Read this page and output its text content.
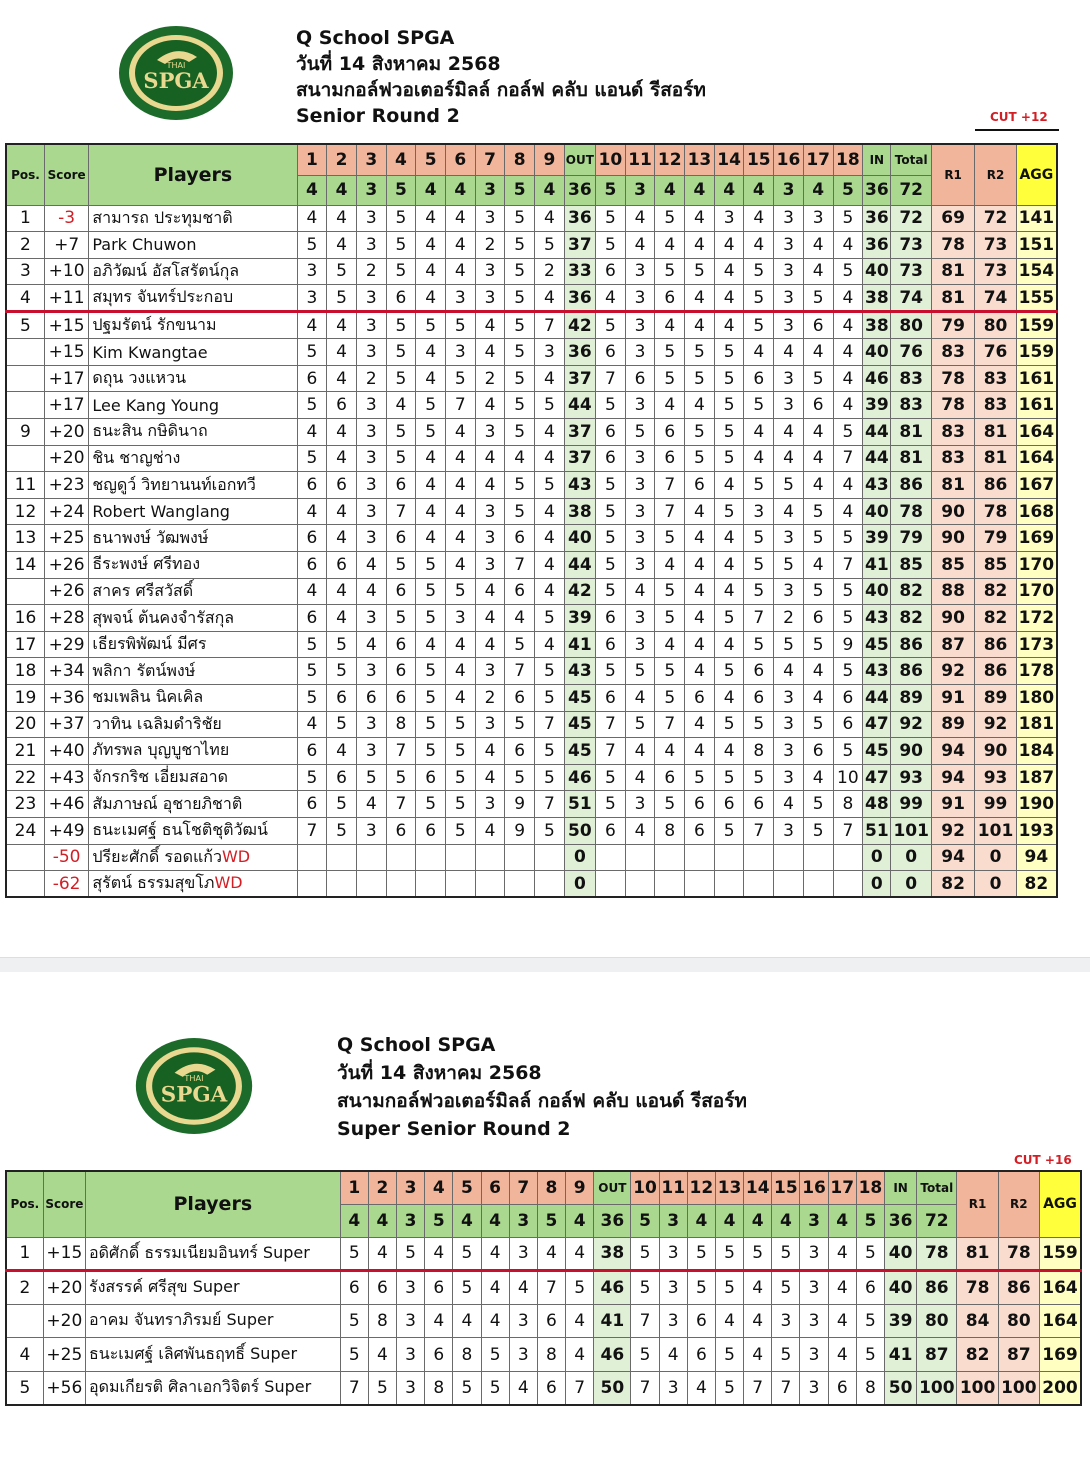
THAI
SPGA
Q School SPGA
วันที่ 14 สิงหาคม 2568
สนามกอล์ฟวอเตอร์มิลล์ กอล์ฟ คลับ แอนด์ รีสอร์ท
Senior Round 2	CUT +12
Pos.	Score	Players	1	2	3	4	5	6	7	8	9	OUT	10	11	12	13	14	15	16	17	18	IN	Total	R1	R2	AGG
			4	4	3	5	4	4	3	5	4	36	5	3	4	4	4	4	3	4	5	36	72			
1	-3	สามารถ ประทุมชาติ	4	4	3	5	4	4	3	5	4	36	5	4	5	4	3	4	3	3	5	36	72	69	72	141
2	+7	Park Chuwon	5	4	3	5	4	4	2	5	5	37	5	4	4	4	4	4	3	4	4	36	73	78	73	151
3	+10	อภิวัฒน์ อัสโสรัตน์กุล	3	5	2	5	4	4	3	5	2	33	6	3	5	5	4	5	3	4	5	40	73	81	73	154
4	+11	สมุทร จันทร์ประกอบ	3	5	3	6	4	3	3	5	4	36	4	3	6	4	4	5	3	5	4	38	74	81	74	155
5	+15	ปฐมรัตน์ รักขนาม	4	4	3	5	5	5	4	5	7	42	5	3	4	4	4	5	3	6	4	38	80	79	80	159
	+15	Kim Kwangtae	5	4	3	5	4	3	4	5	3	36	6	3	5	5	5	4	4	4	4	40	76	83	76	159
	+17	ดถุน วงแหวน	6	4	2	5	4	5	2	5	4	37	7	6	5	5	5	6	3	5	4	46	83	78	83	161
	+17	Lee Kang Young	5	6	3	4	5	7	4	5	5	44	5	3	4	4	5	5	3	6	4	39	83	78	83	161
9	+20	ธนะสิน กษิดินาถ	4	4	3	5	5	4	3	5	4	37	6	5	6	5	5	4	4	4	5	44	81	83	81	164
	+20	ชิน ชาญช่าง	5	4	3	5	4	4	4	4	4	37	6	3	6	5	5	4	4	4	7	44	81	83	81	164
11	+23	ชญดูว์ วิทยานนท์เอกทวี	6	6	3	6	4	4	4	5	5	43	5	3	7	6	4	5	5	4	4	43	86	81	86	167
12	+24	Robert Wanglang	4	4	3	7	4	4	3	5	4	38	5	3	7	4	5	3	4	5	4	40	78	90	78	168
13	+25	ธนาพงษ์ วัฒพงษ์	6	4	3	6	4	4	3	6	4	40	5	3	5	4	4	5	3	5	5	39	79	90	79	169
14	+26	ธีระพงษ์ ศรีทอง	6	6	4	5	5	4	3	7	4	44	5	3	4	4	4	5	5	4	7	41	85	85	85	170
	+26	สาคร ศรีสวัสดิ์	4	4	4	6	5	5	4	6	4	42	5	4	5	4	4	5	3	5	5	40	82	88	82	170
16	+28	สุพจน์ ต้นคงจำรัสกุล	6	4	3	5	5	3	4	4	5	39	6	3	5	4	5	7	2	6	5	43	82	90	82	172
17	+29	เธียรพิพัฒน์ มีศร	5	5	4	6	4	4	4	5	4	41	6	3	4	4	4	5	5	5	9	45	86	87	86	173
18	+34	พลิกา รัตน์พงษ์	5	5	3	6	5	4	3	7	5	43	5	5	5	4	5	6	4	4	5	43	86	92	86	178
19	+36	ชมเพลิน นิคเคิล	5	6	6	6	5	4	2	6	5	45	6	4	5	6	4	6	3	4	6	44	89	91	89	180
20	+37	วาทิน เฉลิมดำริชัย	4	5	3	8	5	5	3	5	7	45	7	5	7	4	5	5	3	5	6	47	92	89	92	181
21	+40	ภัทรพล บุญบูชาไทย	6	4	3	7	5	5	4	6	5	45	7	4	4	4	4	8	3	6	5	45	90	94	90	184
22	+43	จักรกริช เอี่ยมสอาด	5	6	5	5	6	5	4	5	5	46	5	4	6	5	5	5	3	4	10	47	93	94	93	187
23	+46	สัมภาษณ์ อุชายภิชาติ	6	5	4	7	5	5	3	9	7	51	5	3	5	6	6	6	4	5	8	48	99	91	99	190
24	+49	ธนะเมศฐ์ ธนโชติชุติวัฒน์	7	5	3	6	6	5	4	9	5	50	6	4	8	6	5	7	3	5	7	51	101	92	101	193
	-50	ปรียะศักดิ์ รอดแก้วWD										0										0	0	94	0	94
	-62	สุรัตน์ ธรรมสุขโภWD										0										0	0	82	0	82
THAI
SPGA
Q School SPGA
วันที่ 14 สิงหาคม 2568
สนามกอล์ฟวอเตอร์มิลล์ กอล์ฟ คลับ แอนด์ รีสอร์ท
Super Senior Round 2
CUT +16
Pos.	Score	Players	1	2	3	4	5	6	7	8	9	OUT	10	11	12	13	14	15	16	17	18	IN	Total	R1	R2	AGG
			4	4	3	5	4	4	3	5	4	36	5	3	4	4	4	4	3	4	5	36	72			
1	+15	อดิศักดิ์ ธรรมเนียมอินทร์ Super	5	4	5	4	5	4	3	4	4	38	5	3	5	5	5	5	3	4	5	40	78	81	78	159
2	+20	รังสรรค์ ศรีสุข Super	6	6	3	6	5	4	4	7	5	46	5	3	5	5	4	5	3	4	6	40	86	78	86	164
	+20	อาคม จันทราภิรมย์ Super	5	8	3	4	4	4	3	6	4	41	7	3	6	4	4	3	3	4	5	39	80	84	80	164
4	+25	ธนะเมศฐ์ เลิศพันธฤทธิ์ Super	5	4	3	6	8	5	3	8	4	46	5	4	6	5	4	5	3	4	5	41	87	82	87	169
5	+56	อุดมเกียรติ ศิลาเอกวิจิตร์ Super	7	5	3	8	5	5	4	6	7	50	7	3	4	5	7	7	3	6	8	50	100	100	100	200
